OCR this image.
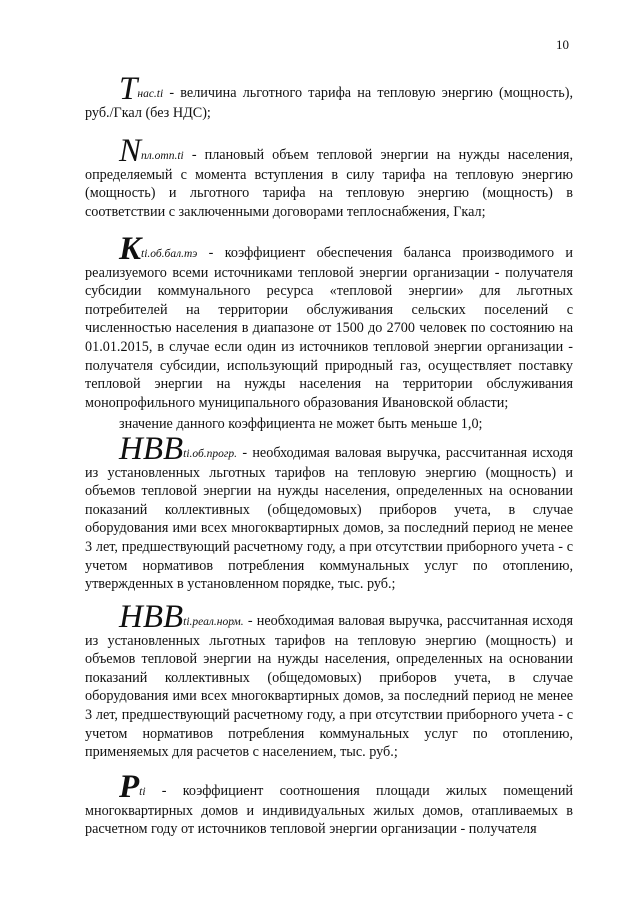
10

Tнас.ti - величина льготного тарифа на тепловую энергию (мощность), руб./Гкал (без НДС);

Nпл.отп.ti - плановый объем тепловой энергии на нужды населения, определяемый с момента вступления в силу тарифа на тепловую энергию (мощность) и льготного тарифа на тепловую энергию (мощность) в соответствии с заключенными договорами теплоснабжения, Гкал;

Kti.об.бал.тэ - коэффициент обеспечения баланса производимого и реализуемого всеми источниками тепловой энергии организации - получателя субсидии коммунального ресурса «тепловой энергии» для льготных потребителей на территории обслуживания сельских поселений с численностью населения в диапазоне от 1500 до 2700 человек по состоянию на 01.01.2015, в случае если один из источников тепловой энергии организации - получателя субсидии, использующий природный газ, осуществляет поставку тепловой энергии на нужды населения на территории обслуживания монопрофильного муниципального образования Ивановской области;

значение данного коэффициента не может быть меньше 1,0;

НВВti.об.прогр. - необходимая валовая выручка, рассчитанная исходя из установленных льготных тарифов на тепловую энергию (мощность) и объемов тепловой энергии на нужды населения, определенных на основании показаний коллективных (общедомовых) приборов учета, в случае оборудования ими всех многоквартирных домов, за последний период не менее 3 лет, предшествующий расчетному году, а при отсутствии приборного учета - с учетом нормативов потребления коммунальных услуг по отоплению, утвержденных в установленном порядке, тыс. руб.;

НВВti.реал.норм. - необходимая валовая выручка, рассчитанная исходя из установленных льготных тарифов на тепловую энергию (мощность) и объемов тепловой энергии на нужды населения, определенных на основании показаний коллективных (общедомовых) приборов учета, в случае оборудования ими всех многоквартирных домов, за последний период не менее 3 лет, предшествующий расчетному году, а при отсутствии приборного учета - с учетом нормативов потребления коммунальных услуг по отоплению, применяемых для расчетов с населением, тыс. руб.;

Pti - коэффициент соотношения площади жилых помещений многоквартирных домов и индивидуальных жилых домов, отапливаемых в расчетном году от источников тепловой энергии организации - получателя
